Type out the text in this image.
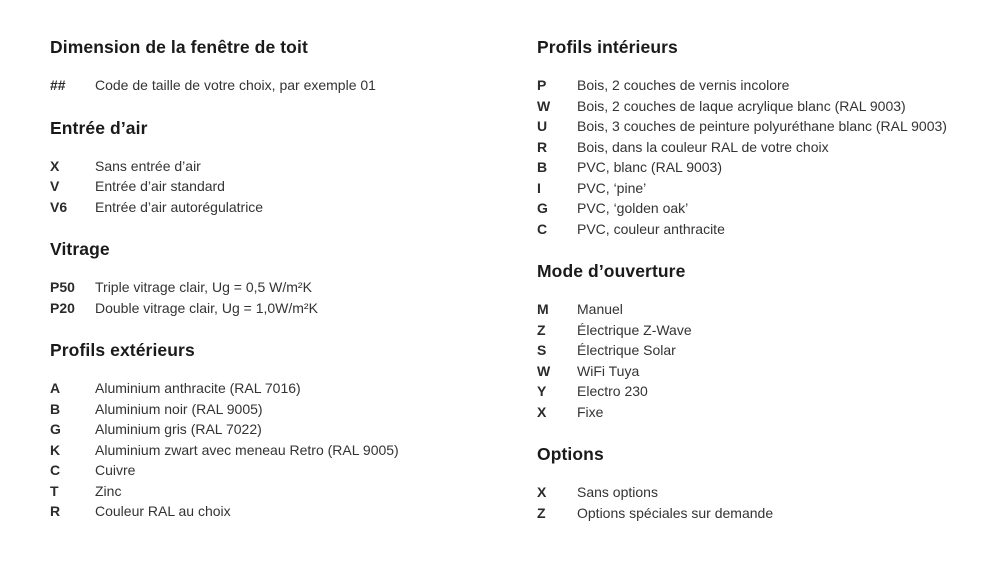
Dimension de la fenêtre de toit
##	Code de taille de votre choix, par exemple 01
Entrée d’air
X	Sans entrée d’air
V	Entrée d’air standard
V6	Entrée d’air autorégulatrice
Vitrage
P50	Triple vitrage clair, Ug = 0,5 W/m²K
P20	Double vitrage clair, Ug = 1,0W/m²K
Profils extérieurs
A	Aluminium anthracite (RAL 7016)
B	Aluminium noir (RAL 9005)
G	Aluminium gris (RAL 7022)
K	Aluminium zwart avec meneau Retro (RAL 9005)
C	Cuivre
T	Zinc
R	Couleur RAL au choix
Profils intérieurs
P	Bois, 2 couches de vernis incolore
W	Bois, 2 couches de laque acrylique blanc (RAL 9003)
U	Bois, 3 couches de peinture polyuréthane blanc (RAL 9003)
R	Bois, dans la couleur RAL de votre choix
B	PVC, blanc (RAL 9003)
I	PVC, ‘pine’
G	PVC, ‘golden oak’
C	PVC, couleur anthracite
Mode d’ouverture
M	Manuel
Z	Électrique Z-Wave
S	Électrique Solar
W	WiFi Tuya
Y	Electro 230
X	Fixe
Options
X	Sans options
Z	Options spéciales sur demande
